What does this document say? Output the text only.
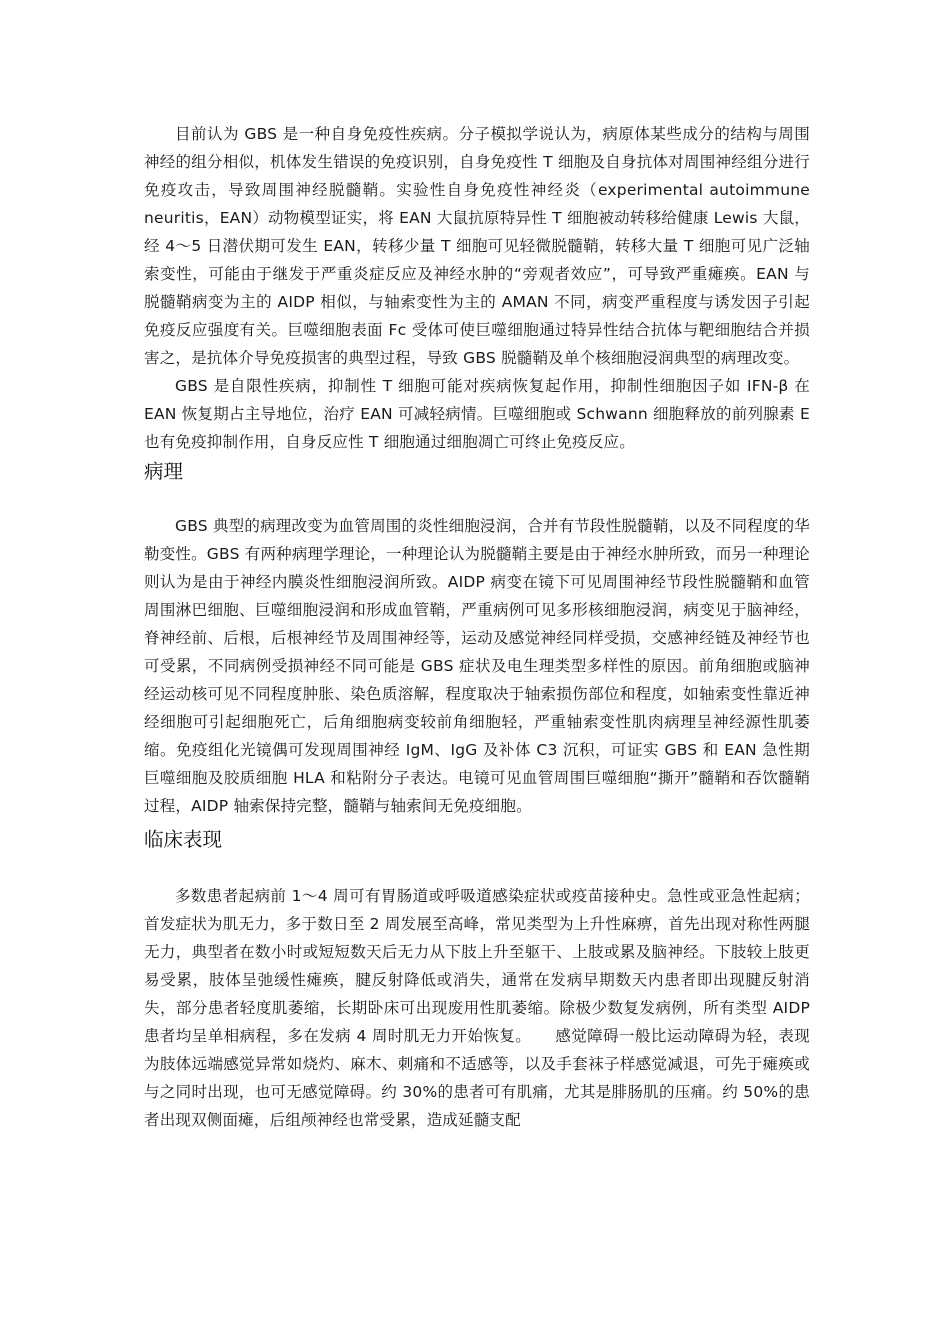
目前认为 GBS 是一种自身免疫性疾病。分子模拟学说认为，病原体某些成分的结构与周围神经的组分相似，机体发生错误的免疫识别，自身免疫性 T 细胞及自身抗体对周围神经组分进行免疫攻击，导致周围神经脱髓鞘。实验性自身免疫性神经炎（experimental autoimmune neuritis，EAN）动物模型证实，将 EAN 大鼠抗原特异性 T 细胞被动转移给健康 Lewis 大鼠，经 4～5 日潜伏期可发生 EAN，转移少量 T 细胞可见轻微脱髓鞘，转移大量 T 细胞可见广泛轴索变性，可能由于继发于严重炎症反应及神经水肿的“旁观者效应”，可导致严重瘫痪。EAN 与脱髓鞘病变为主的 AIDP 相似，与轴索变性为主的 AMAN 不同，病变严重程度与诱发因子引起免疫反应强度有关。巨噬细胞表面 Fc 受体可使巨噬细胞通过特异性结合抗体与靶细胞结合并损害之，是抗体介导免疫损害的典型过程，导致 GBS 脱髓鞘及单个核细胞浸润典型的病理改变。

GBS 是自限性疾病，抑制性 T 细胞可能对疾病恢复起作用，抑制性细胞因子如 IFN-β 在 EAN 恢复期占主导地位，治疗 EAN 可减轻病情。巨噬细胞或 Schwann 细胞释放的前列腺素 E 也有免疫抑制作用，自身反应性 T 细胞通过细胞凋亡可终止免疫反应。

病理

GBS 典型的病理改变为血管周围的炎性细胞浸润，合并有节段性脱髓鞘，以及不同程度的华勒变性。GBS 有两种病理学理论，一种理论认为脱髓鞘主要是由于神经水肿所致，而另一种理论则认为是由于神经内膜炎性细胞浸润所致。AIDP 病变在镜下可见周围神经节段性脱髓鞘和血管周围淋巴细胞、巨噬细胞浸润和形成血管鞘，严重病例可见多形核细胞浸润，病变见于脑神经，脊神经前、后根，后根神经节及周围神经等，运动及感觉神经同样受损，交感神经链及神经节也可受累，不同病例受损神经不同可能是 GBS 症状及电生理类型多样性的原因。前角细胞或脑神经运动核可见不同程度肿胀、染色质溶解，程度取决于轴索损伤部位和程度，如轴索变性靠近神经细胞可引起细胞死亡，后角细胞病变较前角细胞轻，严重轴索变性肌肉病理呈神经源性肌萎缩。免疫组化光镜偶可发现周围神经 IgM、IgG 及补体 C3 沉积，可证实 GBS 和 EAN 急性期巨噬细胞及胶质细胞 HLA 和粘附分子表达。电镜可见血管周围巨噬细胞“撕开”髓鞘和吞饮髓鞘过程，AIDP 轴索保持完整，髓鞘与轴索间无免疫细胞。

临床表现

多数患者起病前 1～4 周可有胃肠道或呼吸道感染症状或疫苗接种史。急性或亚急性起病；首发症状为肌无力，多于数日至 2 周发展至高峰，常见类型为上升性麻痹，首先出现对称性两腿无力，典型者在数小时或短短数天后无力从下肢上升至躯干、上肢或累及脑神经。下肢较上肢更易受累，肢体呈弛缓性瘫痪，腱反射降低或消失，通常在发病早期数天内患者即出现腱反射消失，部分患者轻度肌萎缩，长期卧床可出现废用性肌萎缩。除极少数复发病例，所有类型 AIDP 患者均呈单相病程，多在发病 4 周时肌无力开始恢复。　　感觉障碍一般比运动障碍为轻，表现为肢体远端感觉异常如烧灼、麻木、刺痛和不适感等，以及手套袜子样感觉减退，可先于瘫痪或与之同时出现，也可无感觉障碍。约 30%的患者可有肌痛，尤其是腓肠肌的压痛。约 50%的患者出现双侧面瘫，后组颅神经也常受累，造成延髓支配
